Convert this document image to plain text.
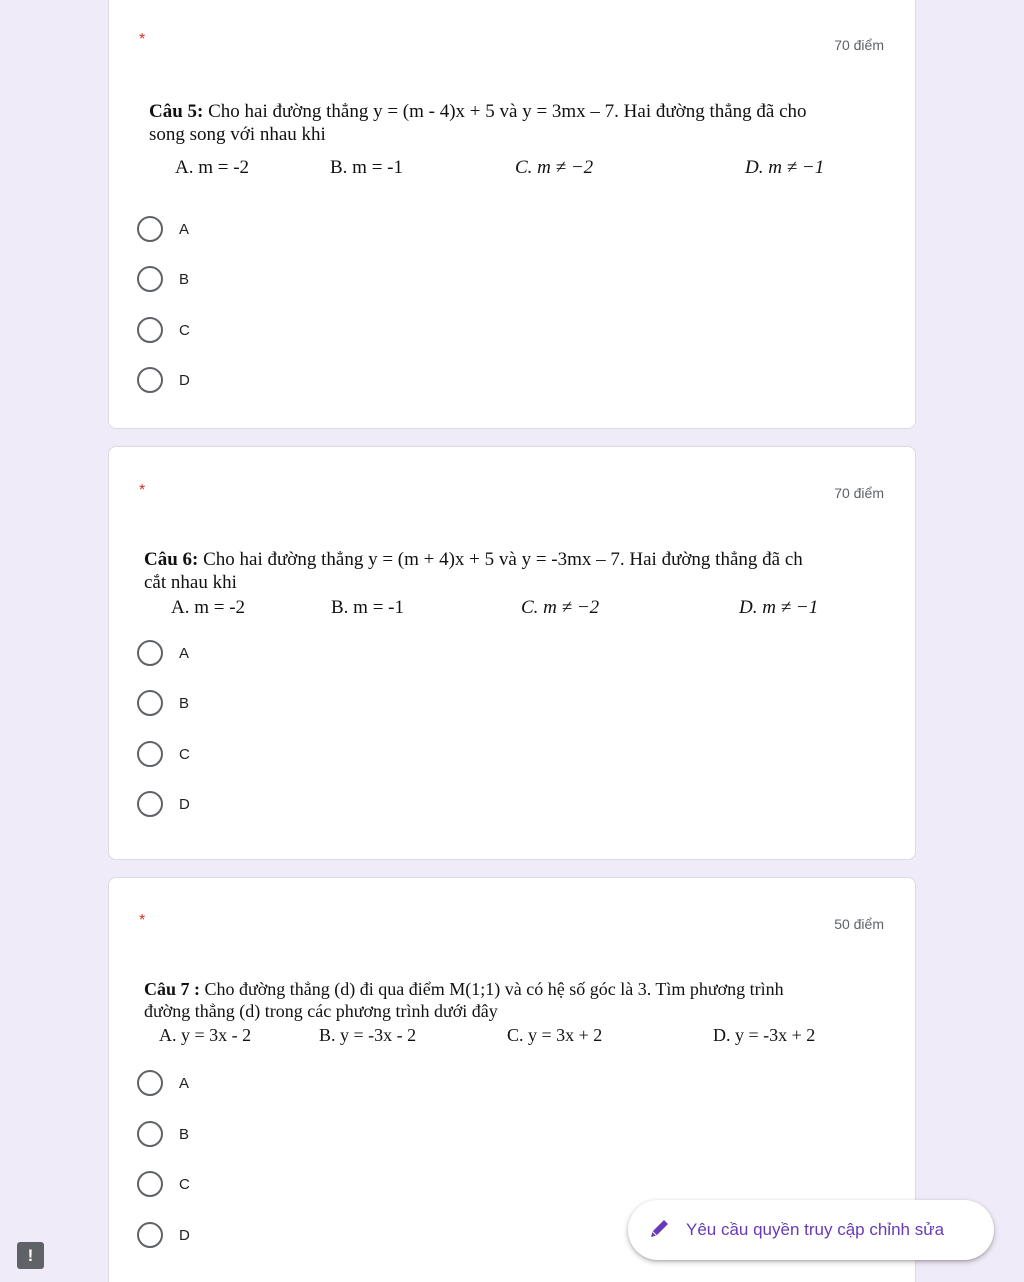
*	70 điểm
Câu 5: Cho hai đường thẳng y = (m - 4)x + 5 và y = 3mx – 7. Hai đường thẳng đã cho
song song với nhau khi
A. m = -2	B. m = -1	C. m ≠ −2	D. m ≠ −1
A
B
C
D
*	70 điểm
Câu 6: Cho hai đường thẳng y = (m + 4)x + 5 và y = -3mx – 7. Hai đường thẳng đã ch
cắt nhau khi
A. m = -2	B. m = -1	C. m ≠ −2	D. m ≠ −1
A
B
C
D
*	50 điểm
Câu 7 : Cho đường thẳng (d) đi qua điểm M(1;1) và có hệ số góc là 3. Tìm phương trình
đường thẳng (d) trong các phương trình dưới đây
A. y = 3x - 2	B. y = -3x - 2	C. y = 3x + 2	D. y = -3x + 2
A
B
C
D	Yêu cầu quyền truy cập chỉnh sửa
!
